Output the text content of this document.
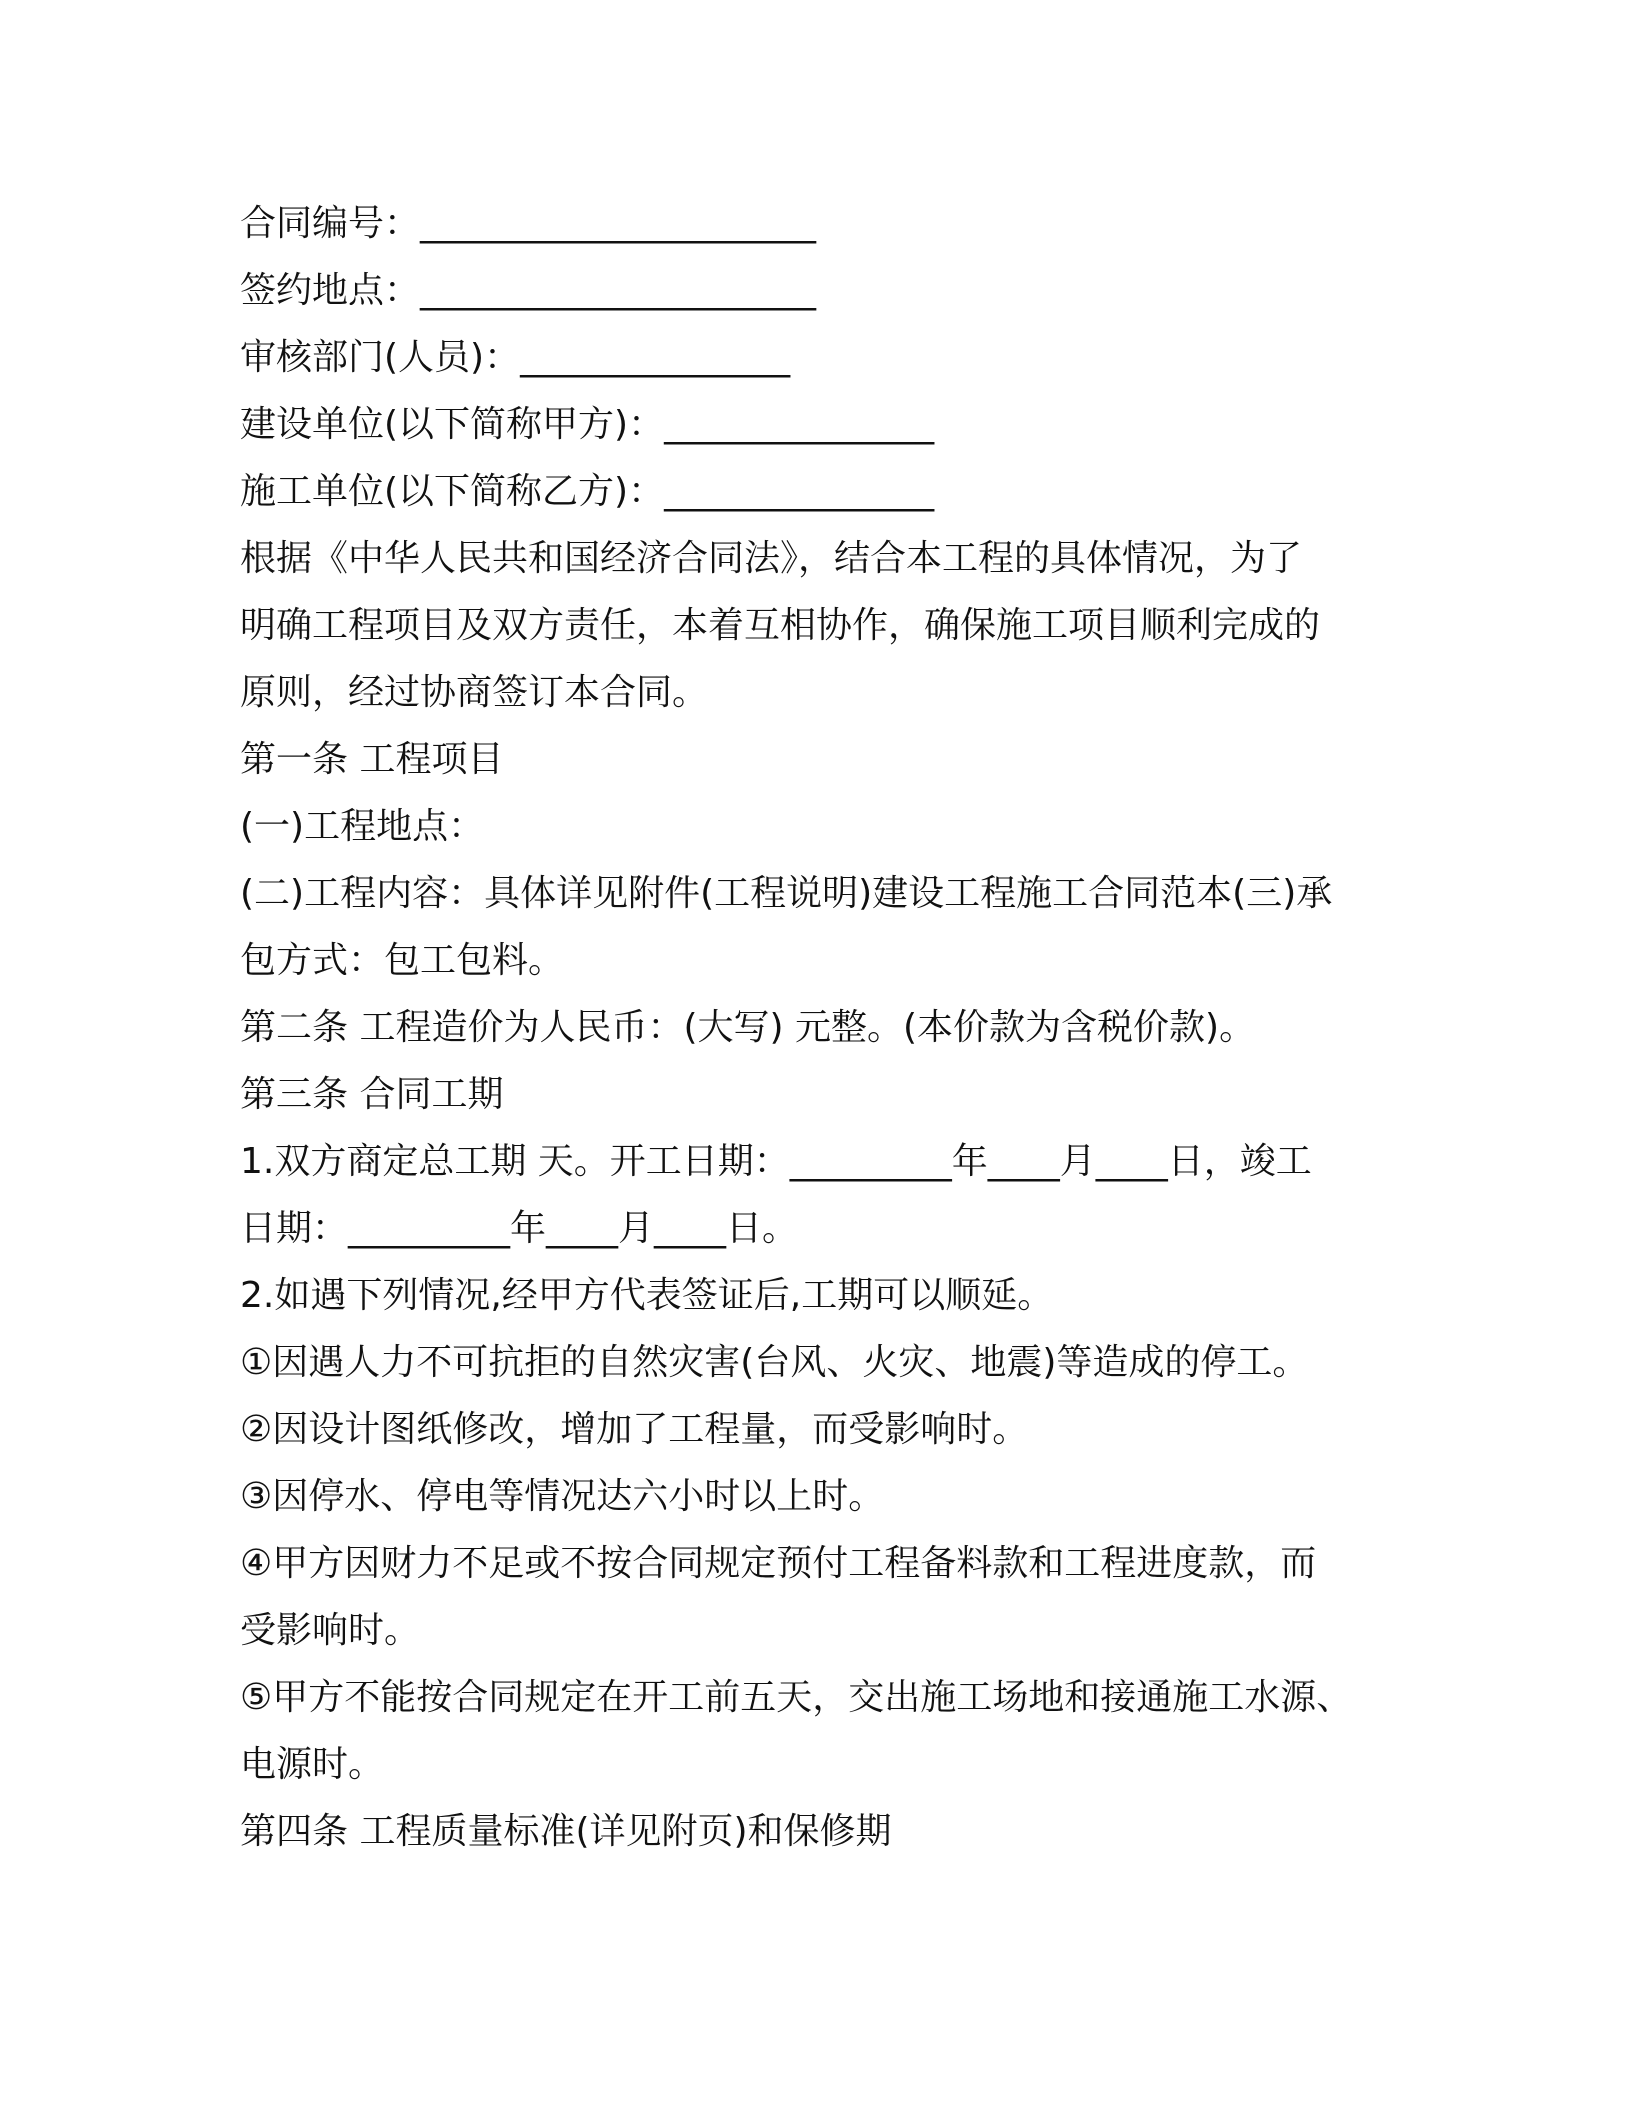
合同编号：______________________
签约地点：______________________
审核部门(人员)：_______________
建设单位(以下简称甲方)：_______________
施工单位(以下简称乙方)：_______________
根据《中华人民共和国经济合同法》，结合本工程的具体情况，为了
明确工程项目及双方责任，本着互相协作，确保施工项目顺利完成的
原则，经过协商签订本合同。
第一条 工程项目
(一)工程地点：
(二)工程内容：具体详见附件(工程说明)建设工程施工合同范本(三)承
包方式：包工包料。
第二条 工程造价为人民币：(大写) 元整。(本价款为含税价款)。
第三条 合同工期
1.双方商定总工期 天。开工日期：_________年____月____日，竣工
日期：_________年____月____日。
2.如遇下列情况,经甲方代表签证后,工期可以顺延。
①因遇人力不可抗拒的自然灾害(台风、火灾、地震)等造成的停工。
②因设计图纸修改，增加了工程量，而受影响时。
③因停水、停电等情况达六小时以上时。
④甲方因财力不足或不按合同规定预付工程备料款和工程进度款，而
受影响时。
⑤甲方不能按合同规定在开工前五天，交出施工场地和接通施工水源、
电源时。
第四条 工程质量标准(详见附页)和保修期
